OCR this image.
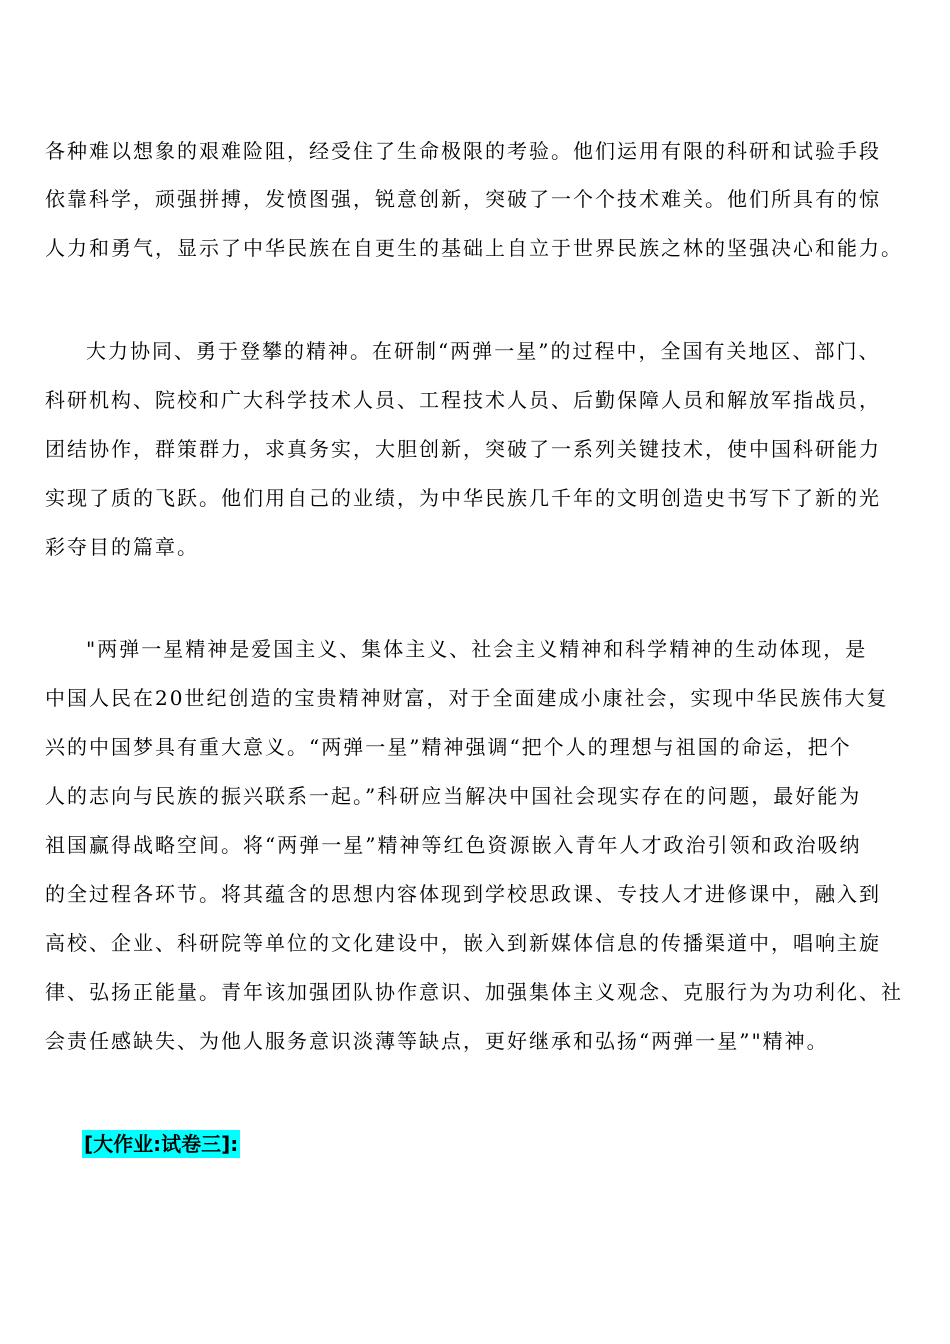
各种难以想象的艰难险阻，经受住了生命极限的考验。他们运用有限的科研和试验手段
依靠科学，顽强拼搏，发愤图强，锐意创新，突破了一个个技术难关。他们所具有的惊
人力和勇气，显示了中华民族在自更生的基础上自立于世界民族之林的坚强决心和能力。
　大力协同、勇于登攀的精神。在研制“两弹一星”的过程中，全国有关地区、部门、
科研机构、院校和广大科学技术人员、工程技术人员、后勤保障人员和解放军指战员，
团结协作，群策群力，求真务实，大胆创新，突破了一系列关键技术，使中国科研能力
实现了质的飞跃。他们用自己的业绩，为中华民族几千年的文明创造史书写下了新的光
彩夺目的篇章。
　"两弹一星精神是爱国主义、集体主义、社会主义精神和科学精神的生动体现，是
中国人民在20世纪创造的宝贵精神财富，对于全面建成小康社会，实现中华民族伟大复
兴的中国梦具有重大意义。“两弹一星”精神强调“把个人的理想与祖国的命运，把个
人的志向与民族的振兴联系一起。”科研应当解决中国社会现实存在的问题，最好能为
祖国赢得战略空间。将“两弹一星”精神等红色资源嵌入青年人才政治引领和政治吸纳
的全过程各环节。将其蕴含的思想内容体现到学校思政课、专技人才进修课中，融入到
高校、企业、科研院等单位的文化建设中，嵌入到新媒体信息的传播渠道中，唱响主旋
律、弘扬正能量。青年该加强团队协作意识、加强集体主义观念、克服行为为功利化、社
会责任感缺失、为他人服务意识淡薄等缺点，更好继承和弘扬“两弹一星”"精神。
[大作业:试卷三]:
